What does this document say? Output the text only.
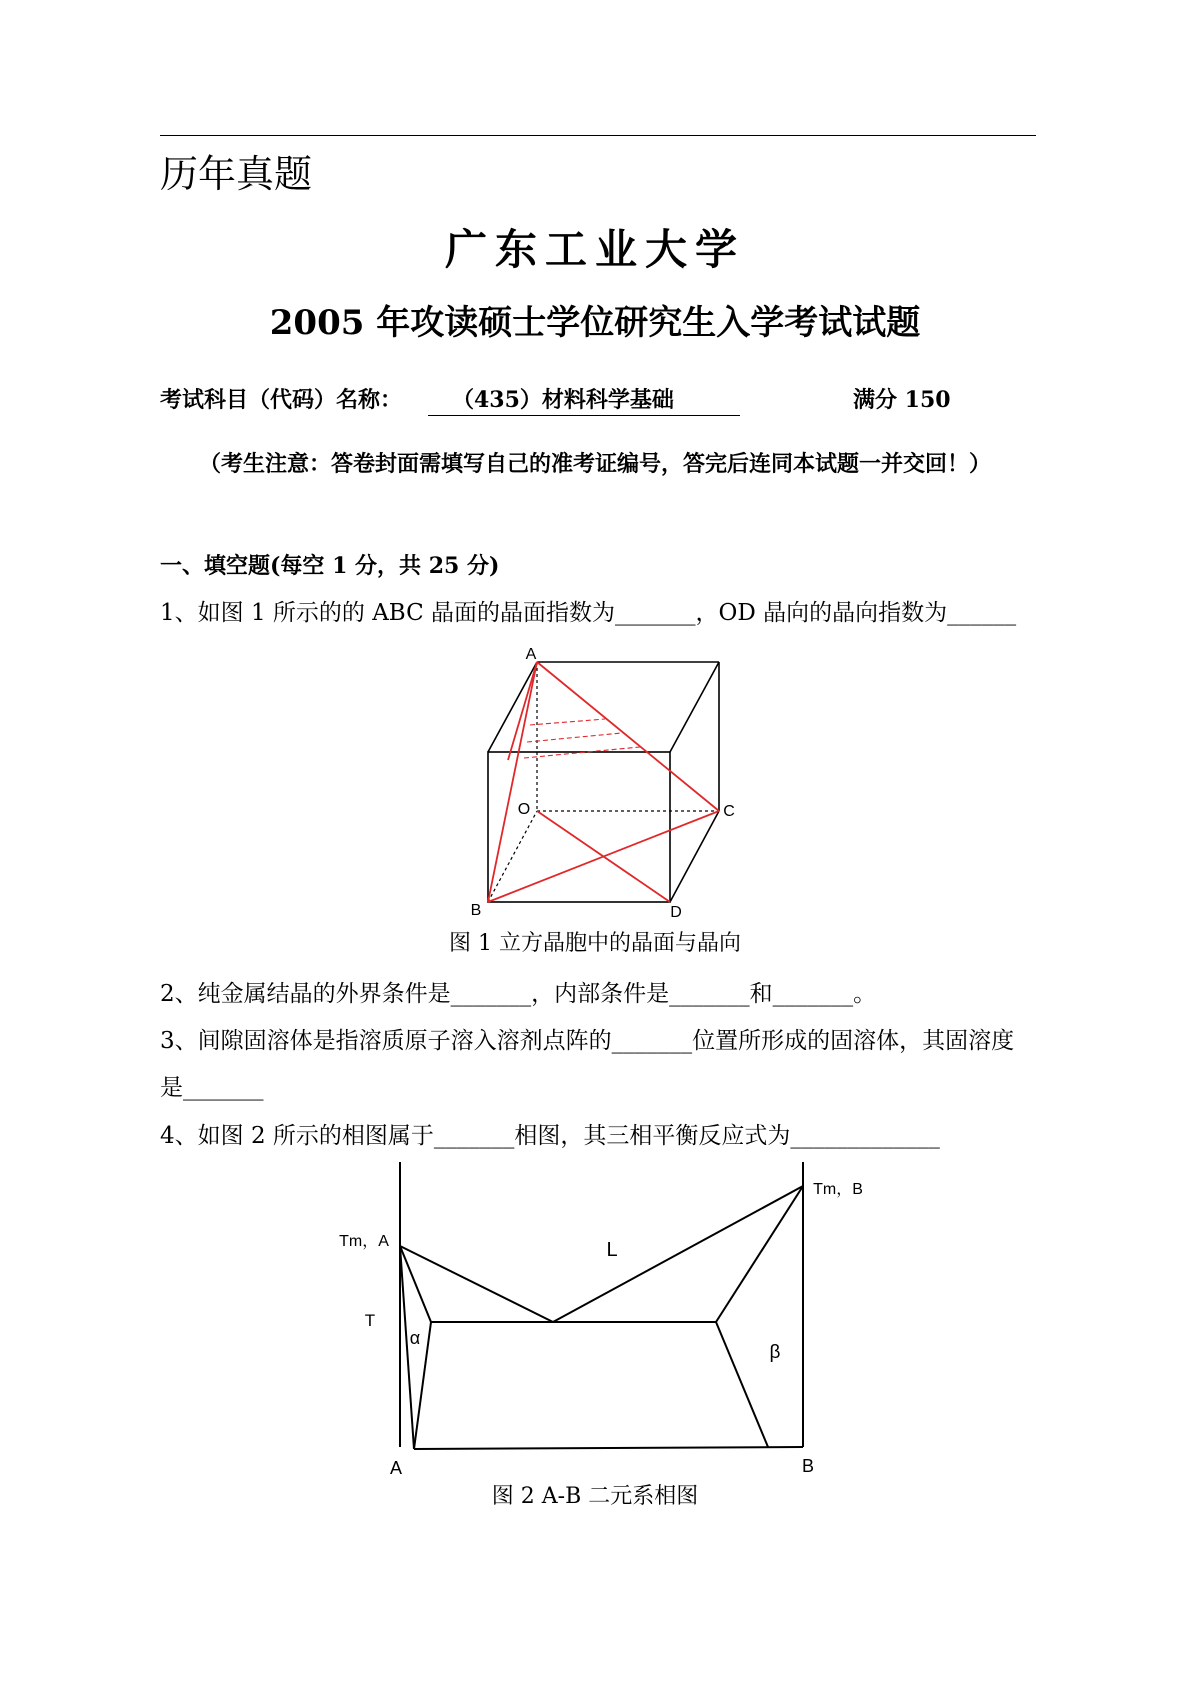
历年真题
广东工业大学
2005 年攻读硕士学位研究生入学考试试题
考试科目（代码）名称：	（435）材料科学基础	满分 150
（考生注意：答卷封面需填写自己的准考证编号，答完后连同本试题一并交回！）
一、填空题(每空 1 分，共 25 分)
1、如图 1 所示的的 ABC 晶面的晶面指数为_______，OD 晶向的晶向指数为______
A
B
C
D
O
图 1 立方晶胞中的晶面与晶向
2、纯金属结晶的外界条件是_______，内部条件是_______和_______。
3、间隙固溶体是指溶质原子溶入溶剂点阵的_______位置所形成的固溶体，其固溶度
是_______
4、如图 2 所示的相图属于_______相图，其三相平衡反应式为_____________
Tm，A
Tm，B
L
T
α
β
A	B
图 2 A-B 二元系相图
